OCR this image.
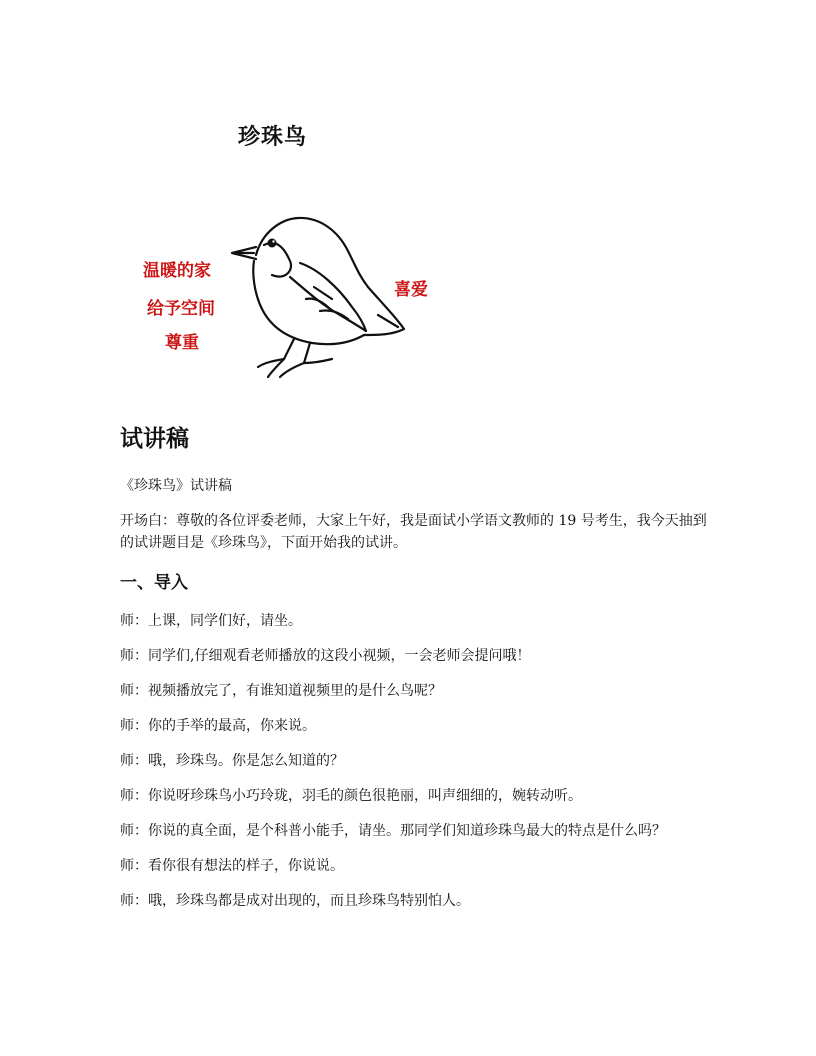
珍珠鸟
温暖的家
给予空间
尊重
喜爱
试讲稿

《珍珠鸟》试讲稿

开场白：尊敬的各位评委老师，大家上午好，我是面试小学语文教师的 19 号考生，我今天抽到的试讲题目是《珍珠鸟》，下面开始我的试讲。

一、导入

师：上课，同学们好，请坐。

师：同学们,仔细观看老师播放的这段小视频，一会老师会提问哦！

师：视频播放完了，有谁知道视频里的是什么鸟呢？

师：你的手举的最高，你来说。

师：哦，珍珠鸟。你是怎么知道的？

师：你说呀珍珠鸟小巧玲珑，羽毛的颜色很艳丽，叫声细细的，婉转动听。

师：你说的真全面，是个科普小能手，请坐。那同学们知道珍珠鸟最大的特点是什么吗？

师：看你很有想法的样子，你说说。

师：哦，珍珠鸟都是成对出现的，而且珍珠鸟特别怕人。
